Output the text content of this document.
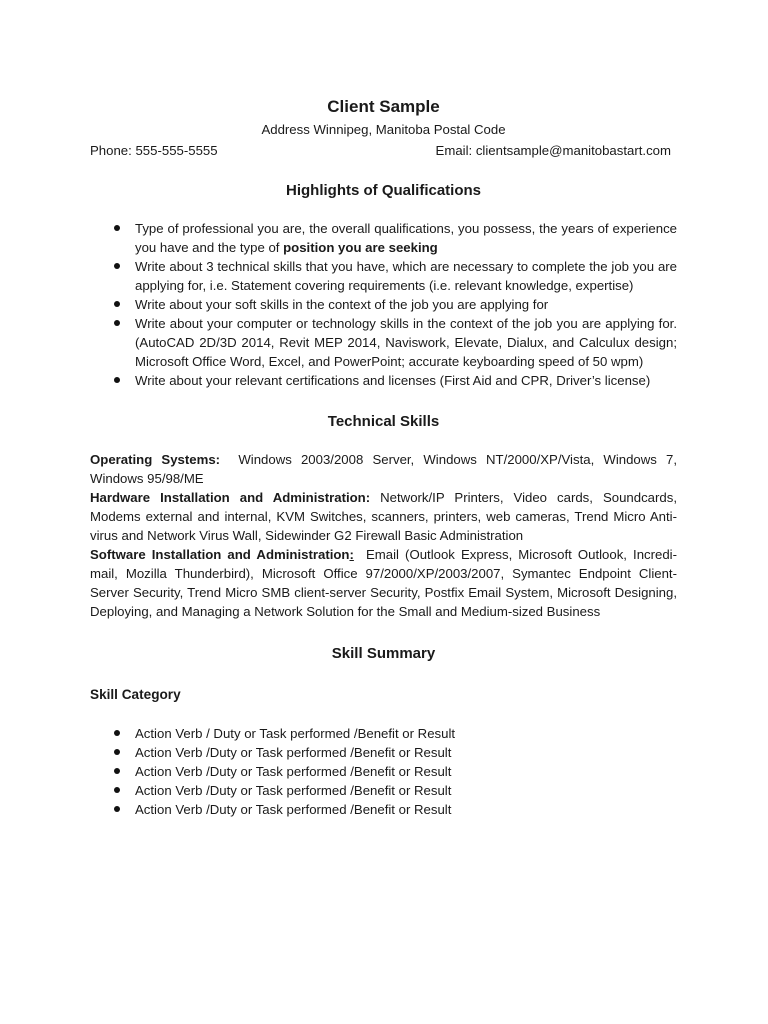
Client Sample
Address Winnipeg, Manitoba Postal Code
Phone: 555-555-5555	Email: clientsample@manitobastart.com
Highlights of Qualifications
Type of professional you are, the overall qualifications, you possess, the years of experience you have and the type of position you are seeking
Write about 3 technical skills that you have, which are necessary to complete the job you are applying for, i.e. Statement covering requirements (i.e. relevant knowledge, expertise)
Write about your soft skills in the context of the job you are applying for
Write about your computer or technology skills in the context of the job you are applying for.(AutoCAD 2D/3D 2014, Revit MEP 2014, Naviswork, Elevate, Dialux, and Calculux design; Microsoft Office Word, Excel, and PowerPoint; accurate keyboarding speed of 50 wpm)
Write about your relevant certifications and licenses (First Aid and CPR, Driver’s license)
Technical Skills

Operating Systems: Windows 2003/2008 Server, Windows NT/2000/XP/Vista, Windows 7, Windows 95/98/ME

Hardware Installation and Administration: Network/IP Printers, Video cards, Soundcards, Modems external and internal, KVM Switches, scanners, printers, web cameras, Trend Micro Anti-virus and Network Virus Wall, Sidewinder G2 Firewall Basic Administration

Software Installation and Administration: Email (Outlook Express, Microsoft Outlook, Incredi-mail, Mozilla Thunderbird), Microsoft Office 97/2000/XP/2003/2007, Symantec Endpoint Client-Server Security, Trend Micro SMB client-server Security, Postfix Email System, Microsoft Designing, Deploying, and Managing a Network Solution for the Small and Medium-sized Business

Skill Summary
Skill Category
Action Verb / Duty or Task performed /Benefit or Result
Action Verb /Duty or Task performed /Benefit or Result
Action Verb /Duty or Task performed /Benefit or Result
Action Verb /Duty or Task performed /Benefit or Result
Action Verb /Duty or Task performed /Benefit or Result
